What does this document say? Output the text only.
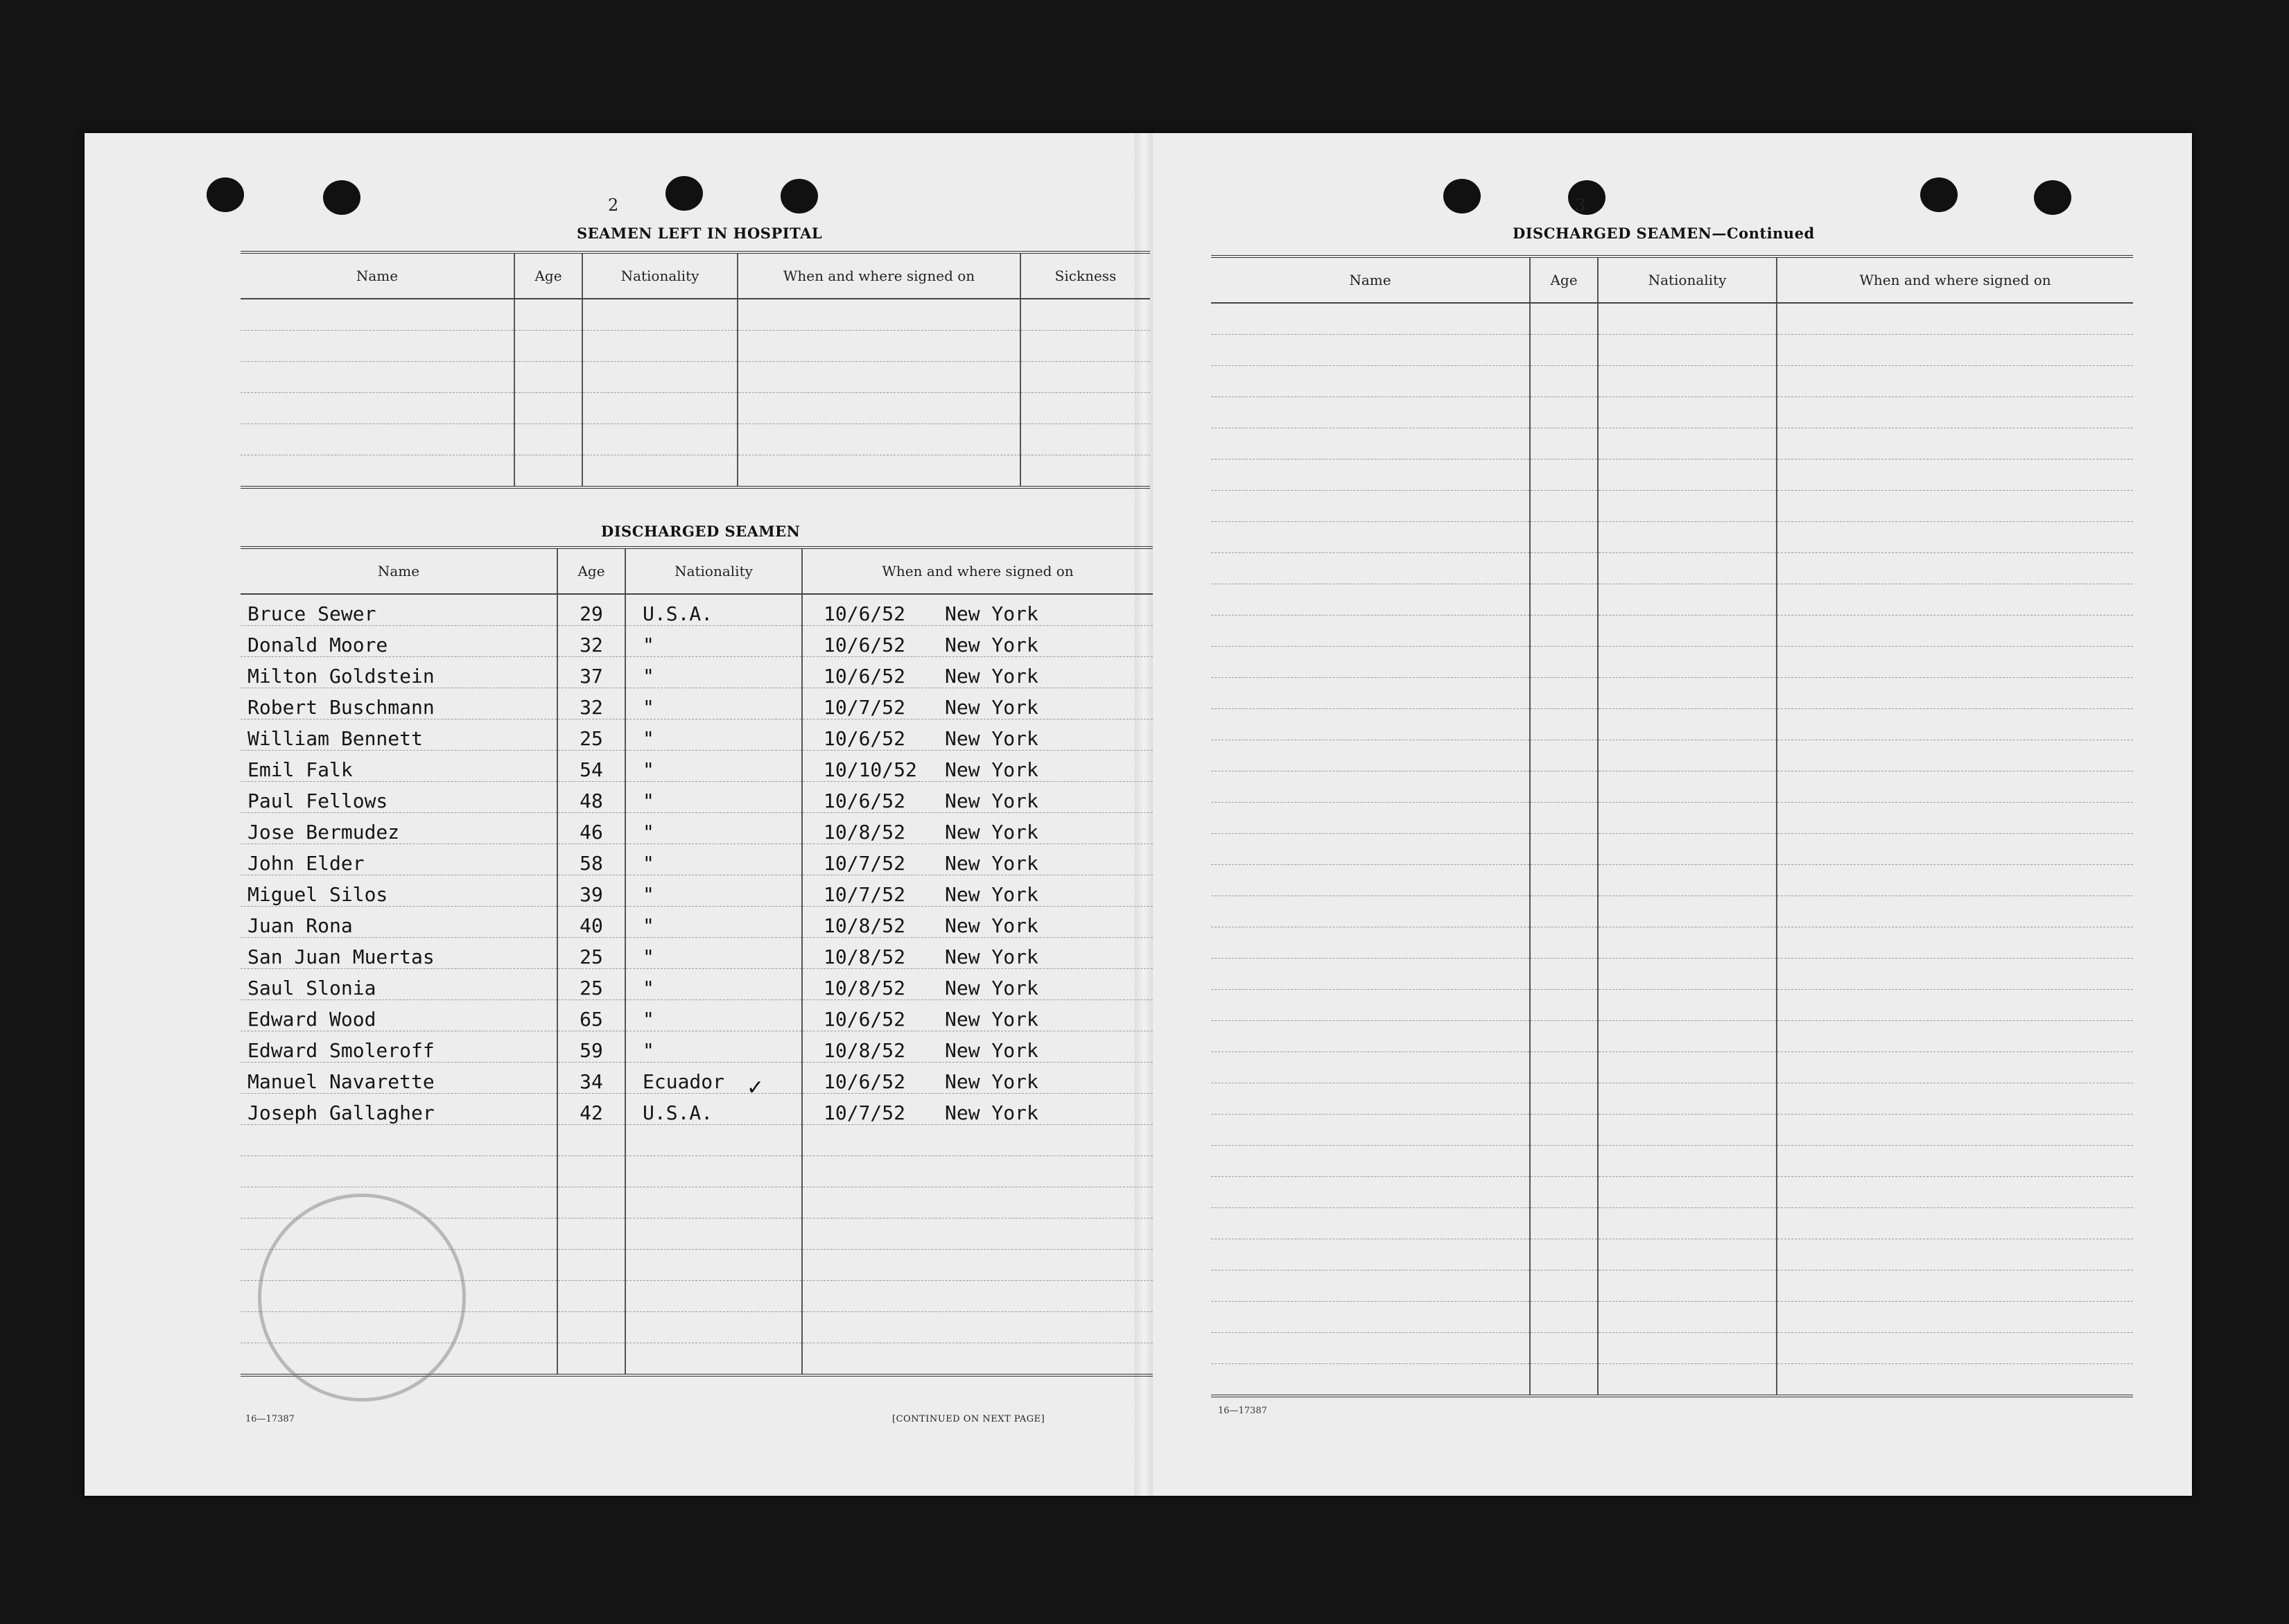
2
SEAMEN LEFT IN HOSPITAL
Name	Age	Nationality	When and where signed on	Sickness

DISCHARGED SEAMEN
Name	Age	Nationality	When and where signed on
Bruce Sewer	29	U.S.A.	10/6/52 New York
Donald Moore	32	"	10/6/52 New York
Milton Goldstein	37	"	10/6/52 New York
Robert Buschmann	32	"	10/7/52 New York
William Bennett	25	"	10/6/52 New York
Emil Falk	54	"	10/10/52 New York
Paul Fellows	48	"	10/6/52 New York
Jose Bermudez	46	"	10/8/52 New York
John Elder	58	"	10/7/52 New York
Miguel Silos	39	"	10/7/52 New York
Juan Rona	40	"	10/8/52 New York
San Juan Muertas	25	"	10/8/52 New York
Saul Slonia	25	"	10/8/52 New York
Edward Wood	65	"	10/6/52 New York
Edward Smoleroff	59	"	10/8/52 New York
Manuel Navarette	34	Ecuador	10/6/52 New York
Joseph Gallagher	42	U.S.A.	10/7/52 New York

✓
16—17387	[CONTINUED ON NEXT PAGE]
3
DISCHARGED SEAMEN—Continued
Name	Age	Nationality	When and where signed on

16—17387
